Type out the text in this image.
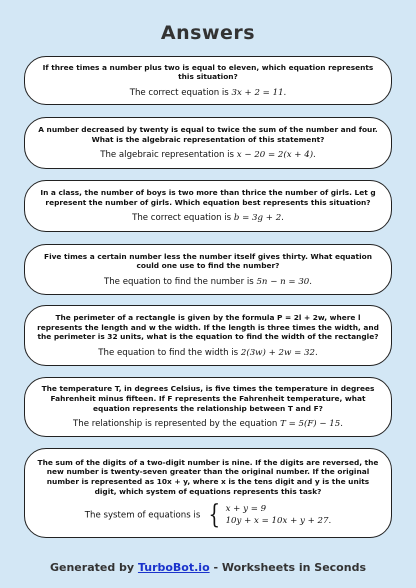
Answers
If three times a number plus two is equal to eleven, which equation represents this situation?
The correct equation is 3x + 2 = 11.
A number decreased by twenty is equal to twice the sum of the number and four. What is the algebraic representation of this statement?
The algebraic representation is x − 20 = 2(x + 4).
In a class, the number of boys is two more than thrice the number of girls. Let g represent the number of girls. Which equation best represents this situation?
The correct equation is b = 3g + 2.
Five times a certain number less the number itself gives thirty. What equation could one use to find the number?
The equation to find the number is 5n − n = 30.
The perimeter of a rectangle is given by the formula P = 2l + 2w, where l represents the length and w the width. If the length is three times the width, and the perimeter is 32 units, what is the equation to find the width of the rectangle?
The equation to find the width is 2(3w) + 2w = 32.
The temperature T, in degrees Celsius, is five times the temperature in degrees Fahrenheit minus fifteen. If F represents the Fahrenheit temperature, what equation represents the relationship between T and F?
The relationship is represented by the equation T = 5(F) − 15.
The sum of the digits of a two-digit number is nine. If the digits are reversed, the new number is twenty-seven greater than the original number. If the original number is represented as 10x + y, where x is the tens digit and y is the units digit, which system of equations represents this task?
The system of equations is { x + y = 9
10y + x = 10x + y + 27.
Generated by TurboBot.io - Worksheets in Seconds
